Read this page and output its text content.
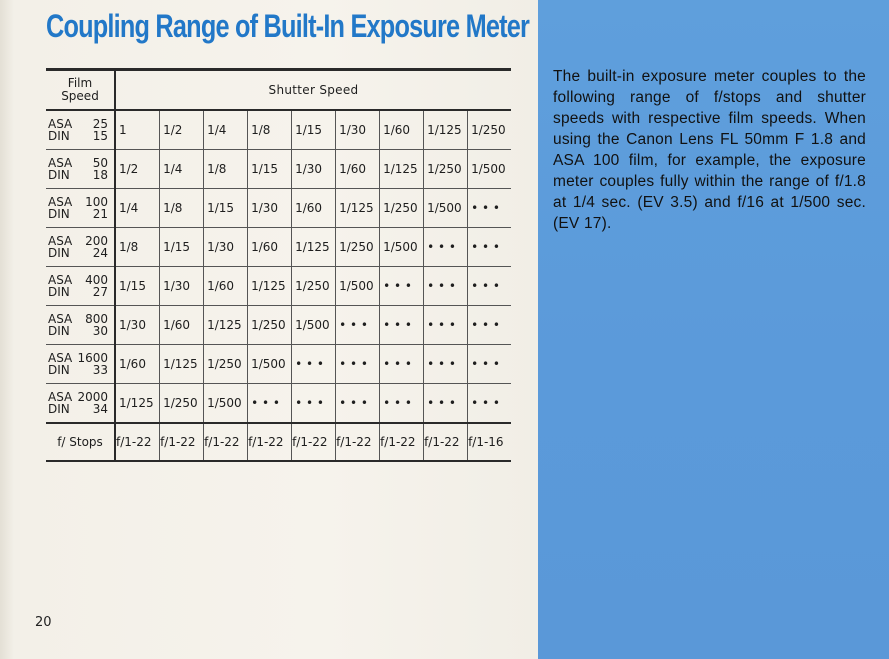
Coupling Range of Built-In Exposure Meter
Film
Speed	Shutter Speed								

ASA 25
DIN 15	1	1/2	1/4	1/8	1/15	1/30	1/60	1/125	1/250

ASA 50
DIN 18	1/2	1/4	1/8	1/15	1/30	1/60	1/125	1/250	1/500

ASA 100
DIN 21	1/4	1/8	1/15	1/30	1/60	1/125	1/250	1/500	• • •

ASA 200
DIN 24	1/8	1/15	1/30	1/60	1/125	1/250	1/500	• • •	• • •

ASA 400
DIN 27	1/15	1/30	1/60	1/125	1/250	1/500	• • •	• • •	• • •

ASA 800
DIN 30	1/30	1/60	1/125	1/250	1/500	• • •	• • •	• • •	• • •

ASA 1600
DIN 33	1/60	1/125	1/250	1/500	• • •	• • •	• • •	• • •	• • •

ASA 2000
DIN 34	1/125	1/250	1/500	• • •	• • •	• • •	• • •	• • •	• • •
f/ Stops	f/1-22	f/1-22	f/1-22	f/1-22	f/1-22	f/1-22	f/1-22	f/1-22	f/1-16
20

The built-in exposure meter couples to the following range of f/stops and shutter speeds with respective film speeds. When using the Canon Lens FL 50mm F 1.8 and ASA 100 film, for example, the exposure meter couples fully within the range of f/1.8 at 1/4 sec. (EV 3.5) and f/16 at 1/500 sec. (EV 17).
